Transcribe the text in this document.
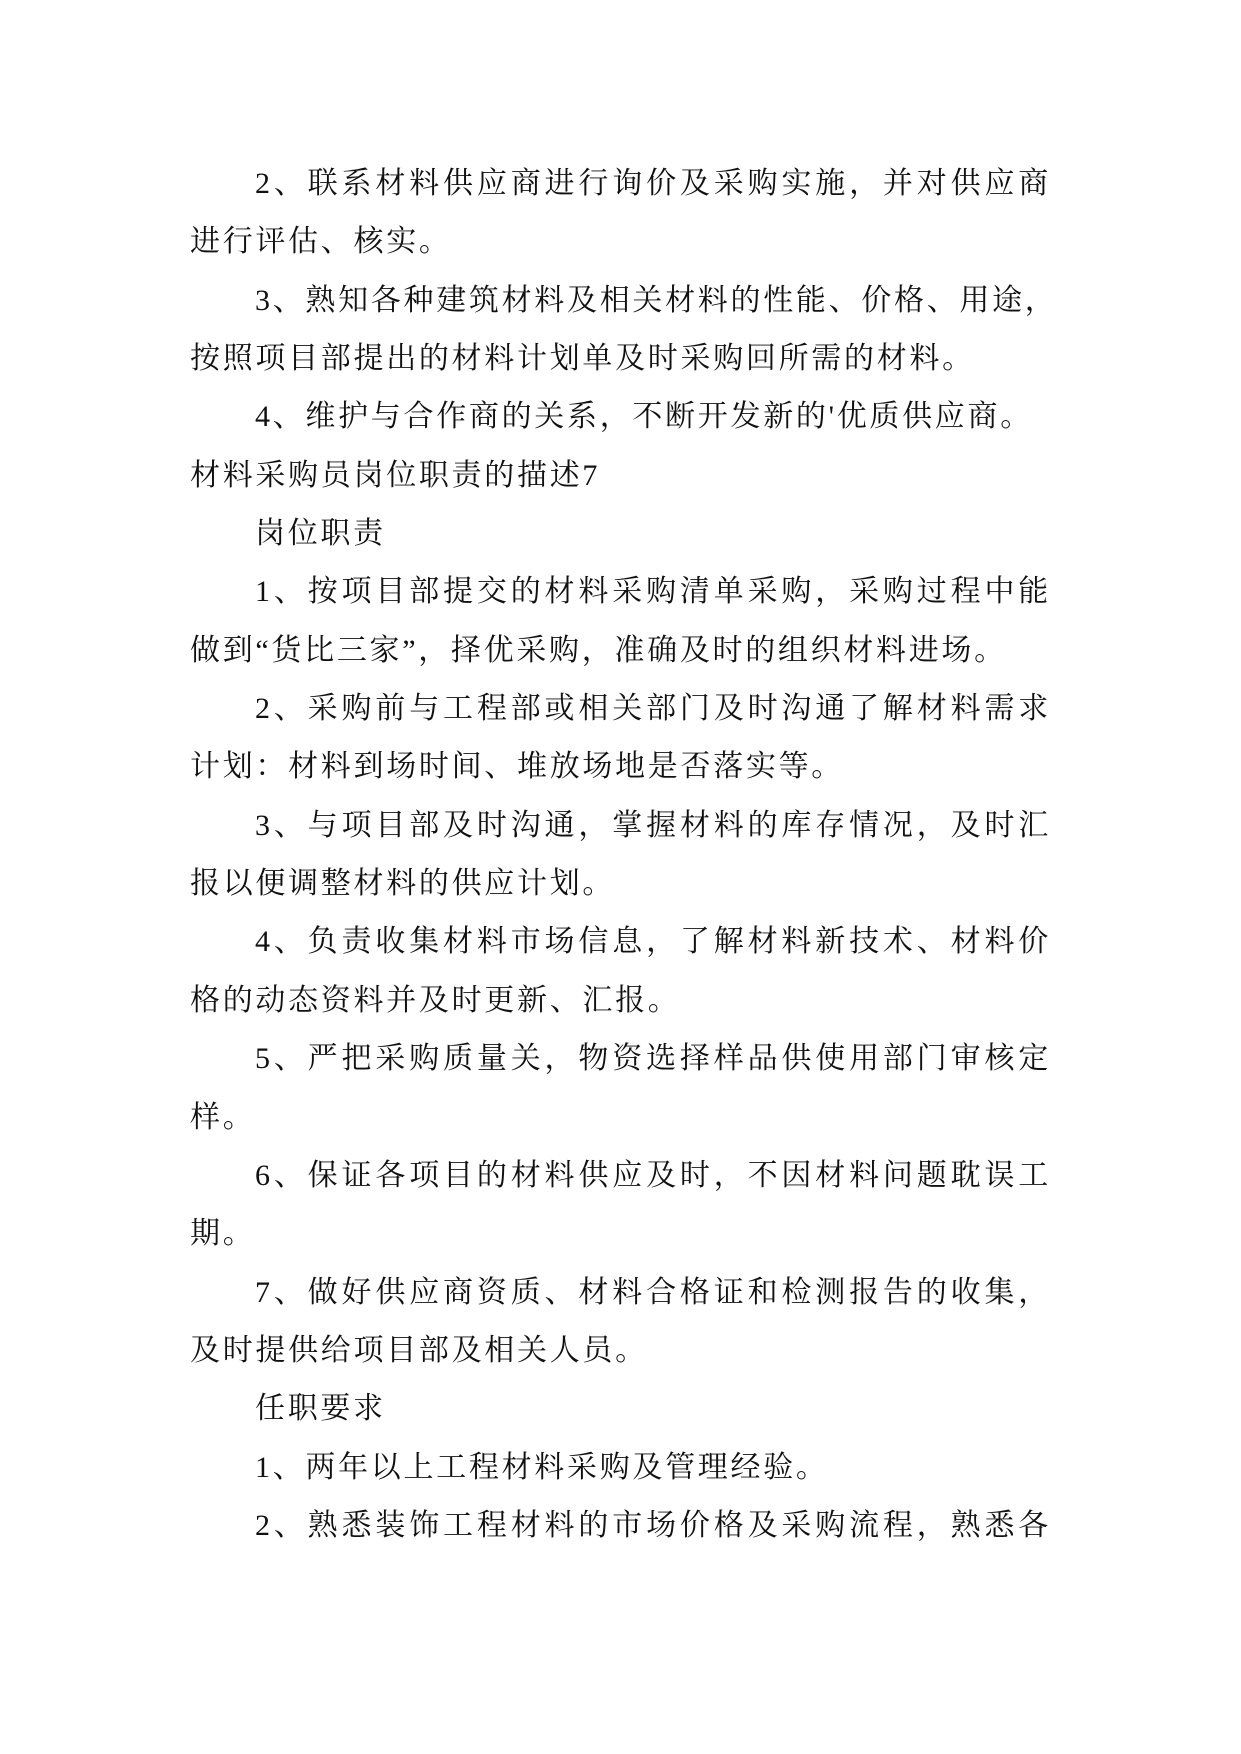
2、联系材料供应商进行询价及采购实施，并对供应商
进行评估、核实。
3、熟知各种建筑材料及相关材料的性能、价格、用途，
按照项目部提出的材料计划单及时采购回所需的材料。
4、维护与合作商的关系，不断开发新的'优质供应商。
材料采购员岗位职责的描述7
岗位职责
1、按项目部提交的材料采购清单采购，采购过程中能
做到“货比三家”，择优采购，准确及时的组织材料进场。
2、采购前与工程部或相关部门及时沟通了解材料需求
计划：材料到场时间、堆放场地是否落实等。
3、与项目部及时沟通，掌握材料的库存情况，及时汇
报以便调整材料的供应计划。
4、负责收集材料市场信息，了解材料新技术、材料价
格的动态资料并及时更新、汇报。
5、严把采购质量关，物资选择样品供使用部门审核定
样。
6、保证各项目的材料供应及时，不因材料问题耽误工
期。
7、做好供应商资质、材料合格证和检测报告的收集，
及时提供给项目部及相关人员。
任职要求
1、两年以上工程材料采购及管理经验。
2、熟悉装饰工程材料的市场价格及采购流程，熟悉各
